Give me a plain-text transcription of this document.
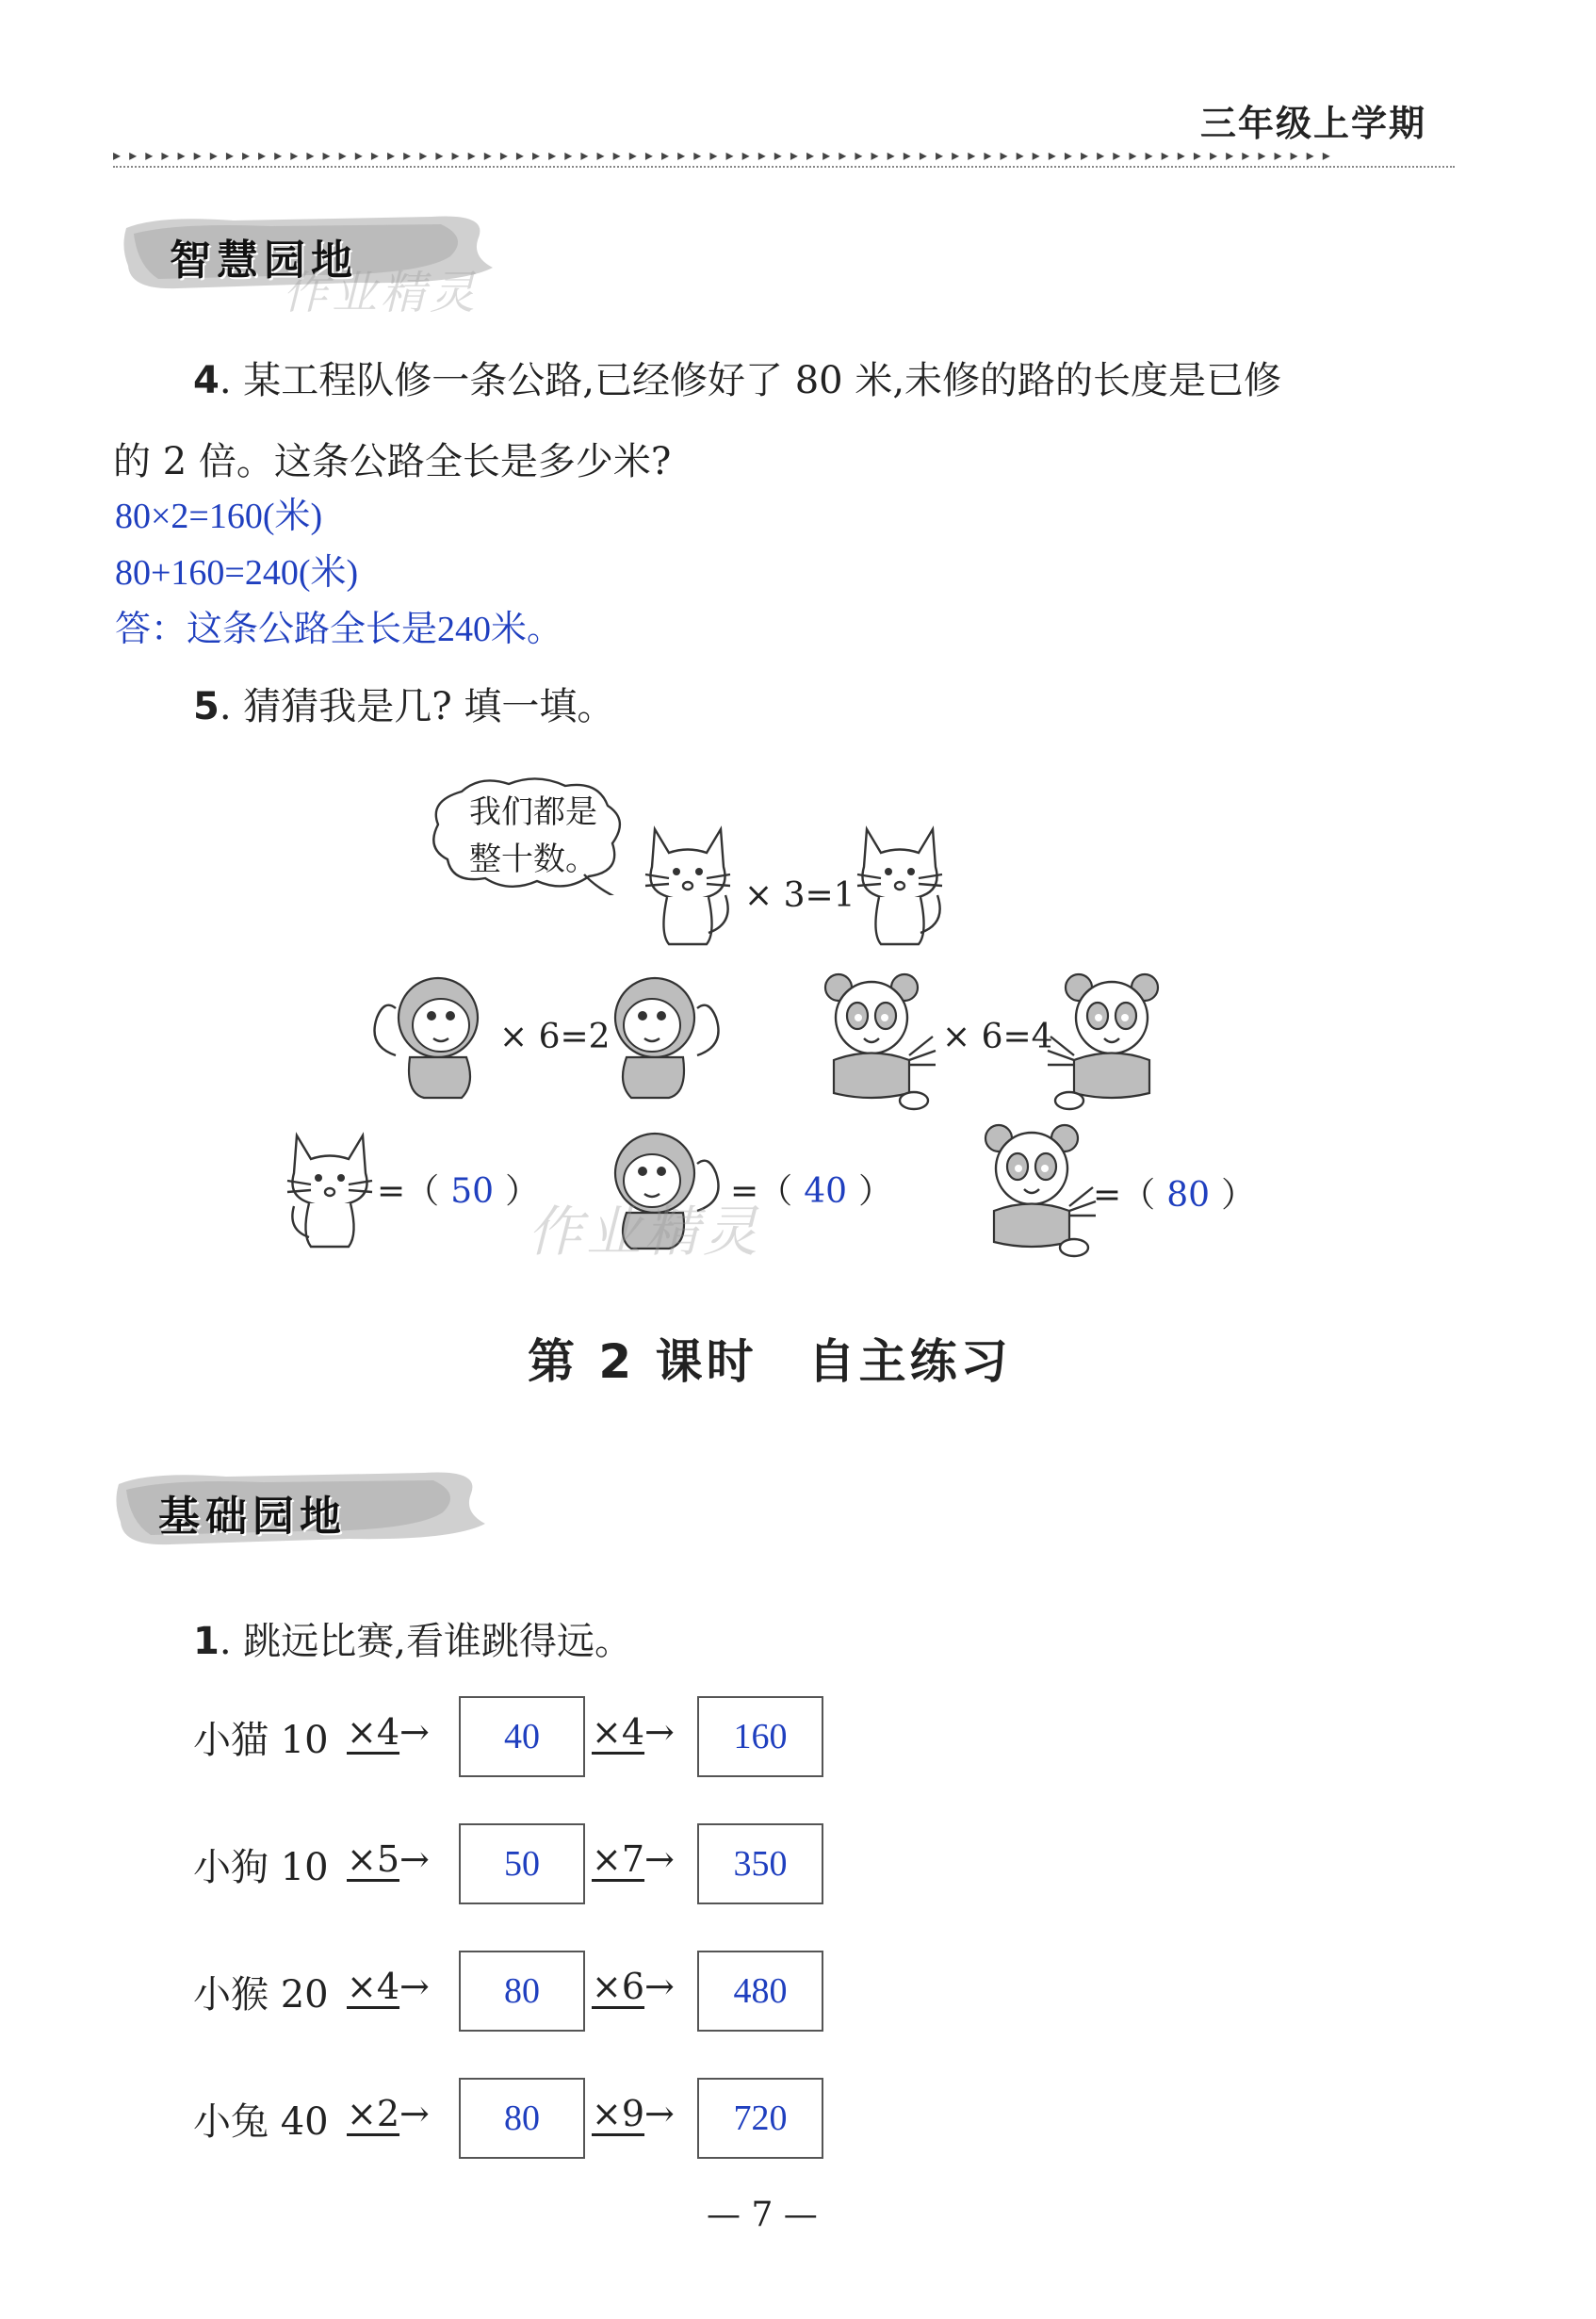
三年级上学期
▸ ▸ ▸ ▸ ▸ ▸ ▸ ▸ ▸ ▸ ▸ ▸ ▸ ▸ ▸ ▸ ▸ ▸ ▸ ▸ ▸ ▸ ▸ ▸ ▸ ▸ ▸ ▸ ▸ ▸ ▸ ▸ ▸ ▸ ▸ ▸ ▸ ▸ ▸ ▸ ▸ ▸ ▸ ▸ ▸ ▸ ▸ ▸ ▸ ▸ ▸ ▸ ▸ ▸ ▸ ▸ ▸ ▸ ▸ ▸ ▸ ▸ ▸ ▸ ▸ ▸ ▸ ▸ ▸ ▸ ▸ ▸ ▸ ▸ ▸ ▸
智慧园地
作业精灵
4. 某工程队修一条公路,已经修好了 80 米,未修的路的长度是已修
的 2 倍。这条公路全长是多少米?
80×2=160(米)
80+160=240(米)
答：这条公路全长是240米。
5. 猜猜我是几? 填一填。
我们都是
整十数。
× 3=1
× 6=2	× 6=4
=（ 50 ）	=（ 40 ）	=（ 80 ）
作业精灵
第 2 课时　自主练习
基础园地
1. 跳远比赛,看谁跳得远。
小猫 10 ×4→	40	×4→	160
小狗 10 ×5→	50	×7→	350
小猴 20 ×4→	80	×6→	480
小兔 40 ×2→	80	×9→	720
— 7 —
